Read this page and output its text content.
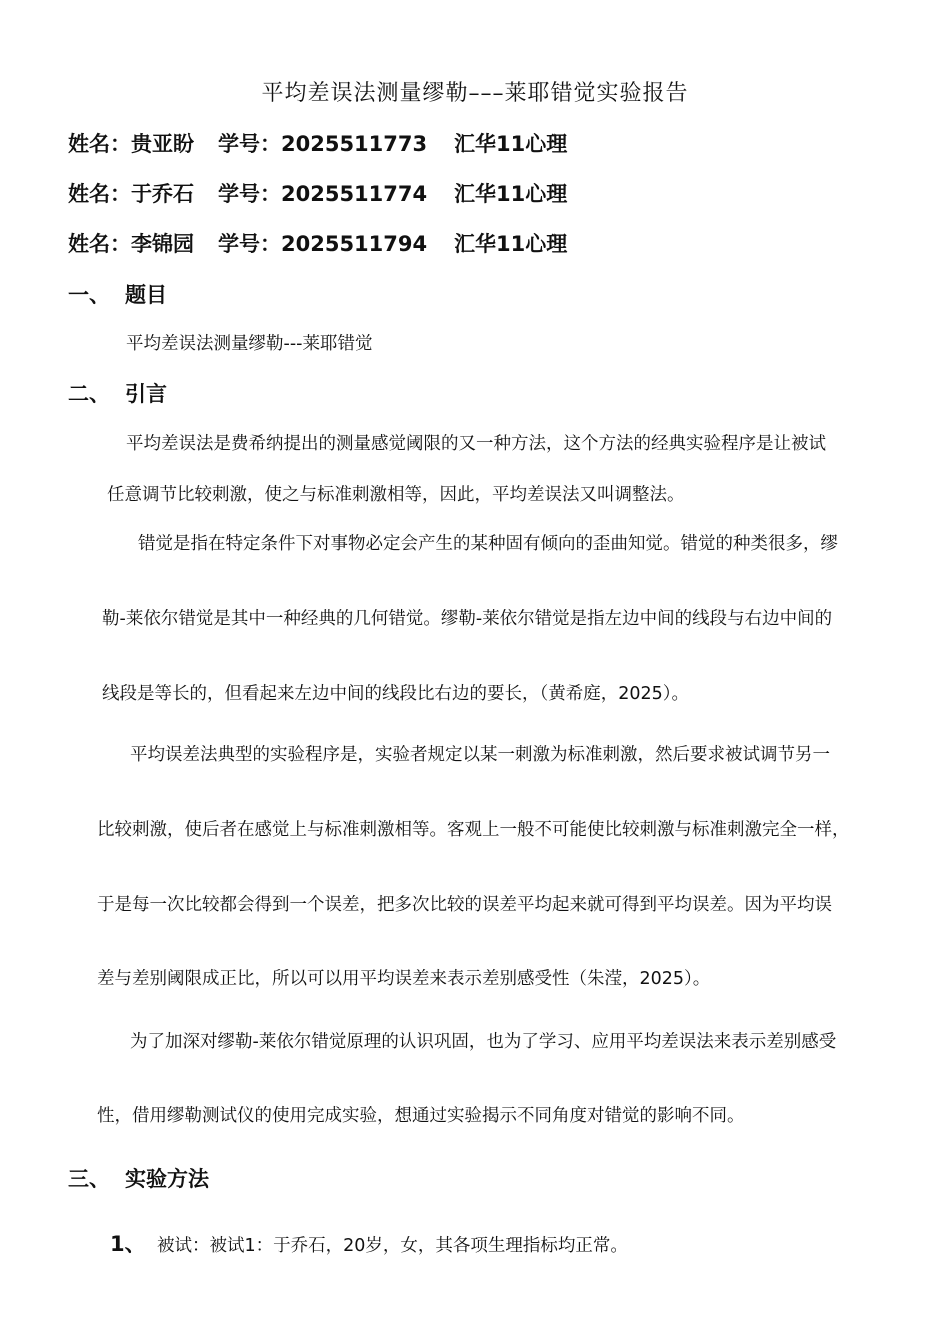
平均差误法测量缪勒–––莱耶错觉实验报告
姓名：贵亚盼 学号：2025511773 汇华11心理
姓名：于乔石 学号：2025511774 汇华11心理
姓名：李锦园 学号：2025511794 汇华11心理
一、 题目
平均差误法测量缪勒---莱耶错觉
二、 引言
平均差误法是费希纳提出的测量感觉阈限的又一种方法，这个方法的经典实验程序是让被试
任意调节比较刺激，使之与标准刺激相等，因此，平均差误法又叫调整法。
错觉是指在特定条件下对事物必定会产生的某种固有倾向的歪曲知觉。错觉的种类很多，缪
勒-莱依尔错觉是其中一种经典的几何错觉。缪勒-莱依尔错觉是指左边中间的线段与右边中间的
线段是等长的，但看起来左边中间的线段比右边的要长，（黄希庭，2025）。
平均误差法典型的实验程序是，实验者规定以某一刺激为标准刺激，然后要求被试调节另一
比较刺激，使后者在感觉上与标准刺激相等。客观上一般不可能使比较刺激与标准刺激完全一样，
于是每一次比较都会得到一个误差，把多次比较的误差平均起来就可得到平均误差。因为平均误
差与差别阈限成正比，所以可以用平均误差来表示差别感受性（朱滢，2025）。
为了加深对缪勒-莱依尔错觉原理的认识巩固，也为了学习、应用平均差误法来表示差别感受
性，借用缪勒测试仪的使用完成实验，想通过实验揭示不同角度对错觉的影响不同。
三、 实验方法
1、 被试：被试1：于乔石，20岁，女，其各项生理指标均正常。
